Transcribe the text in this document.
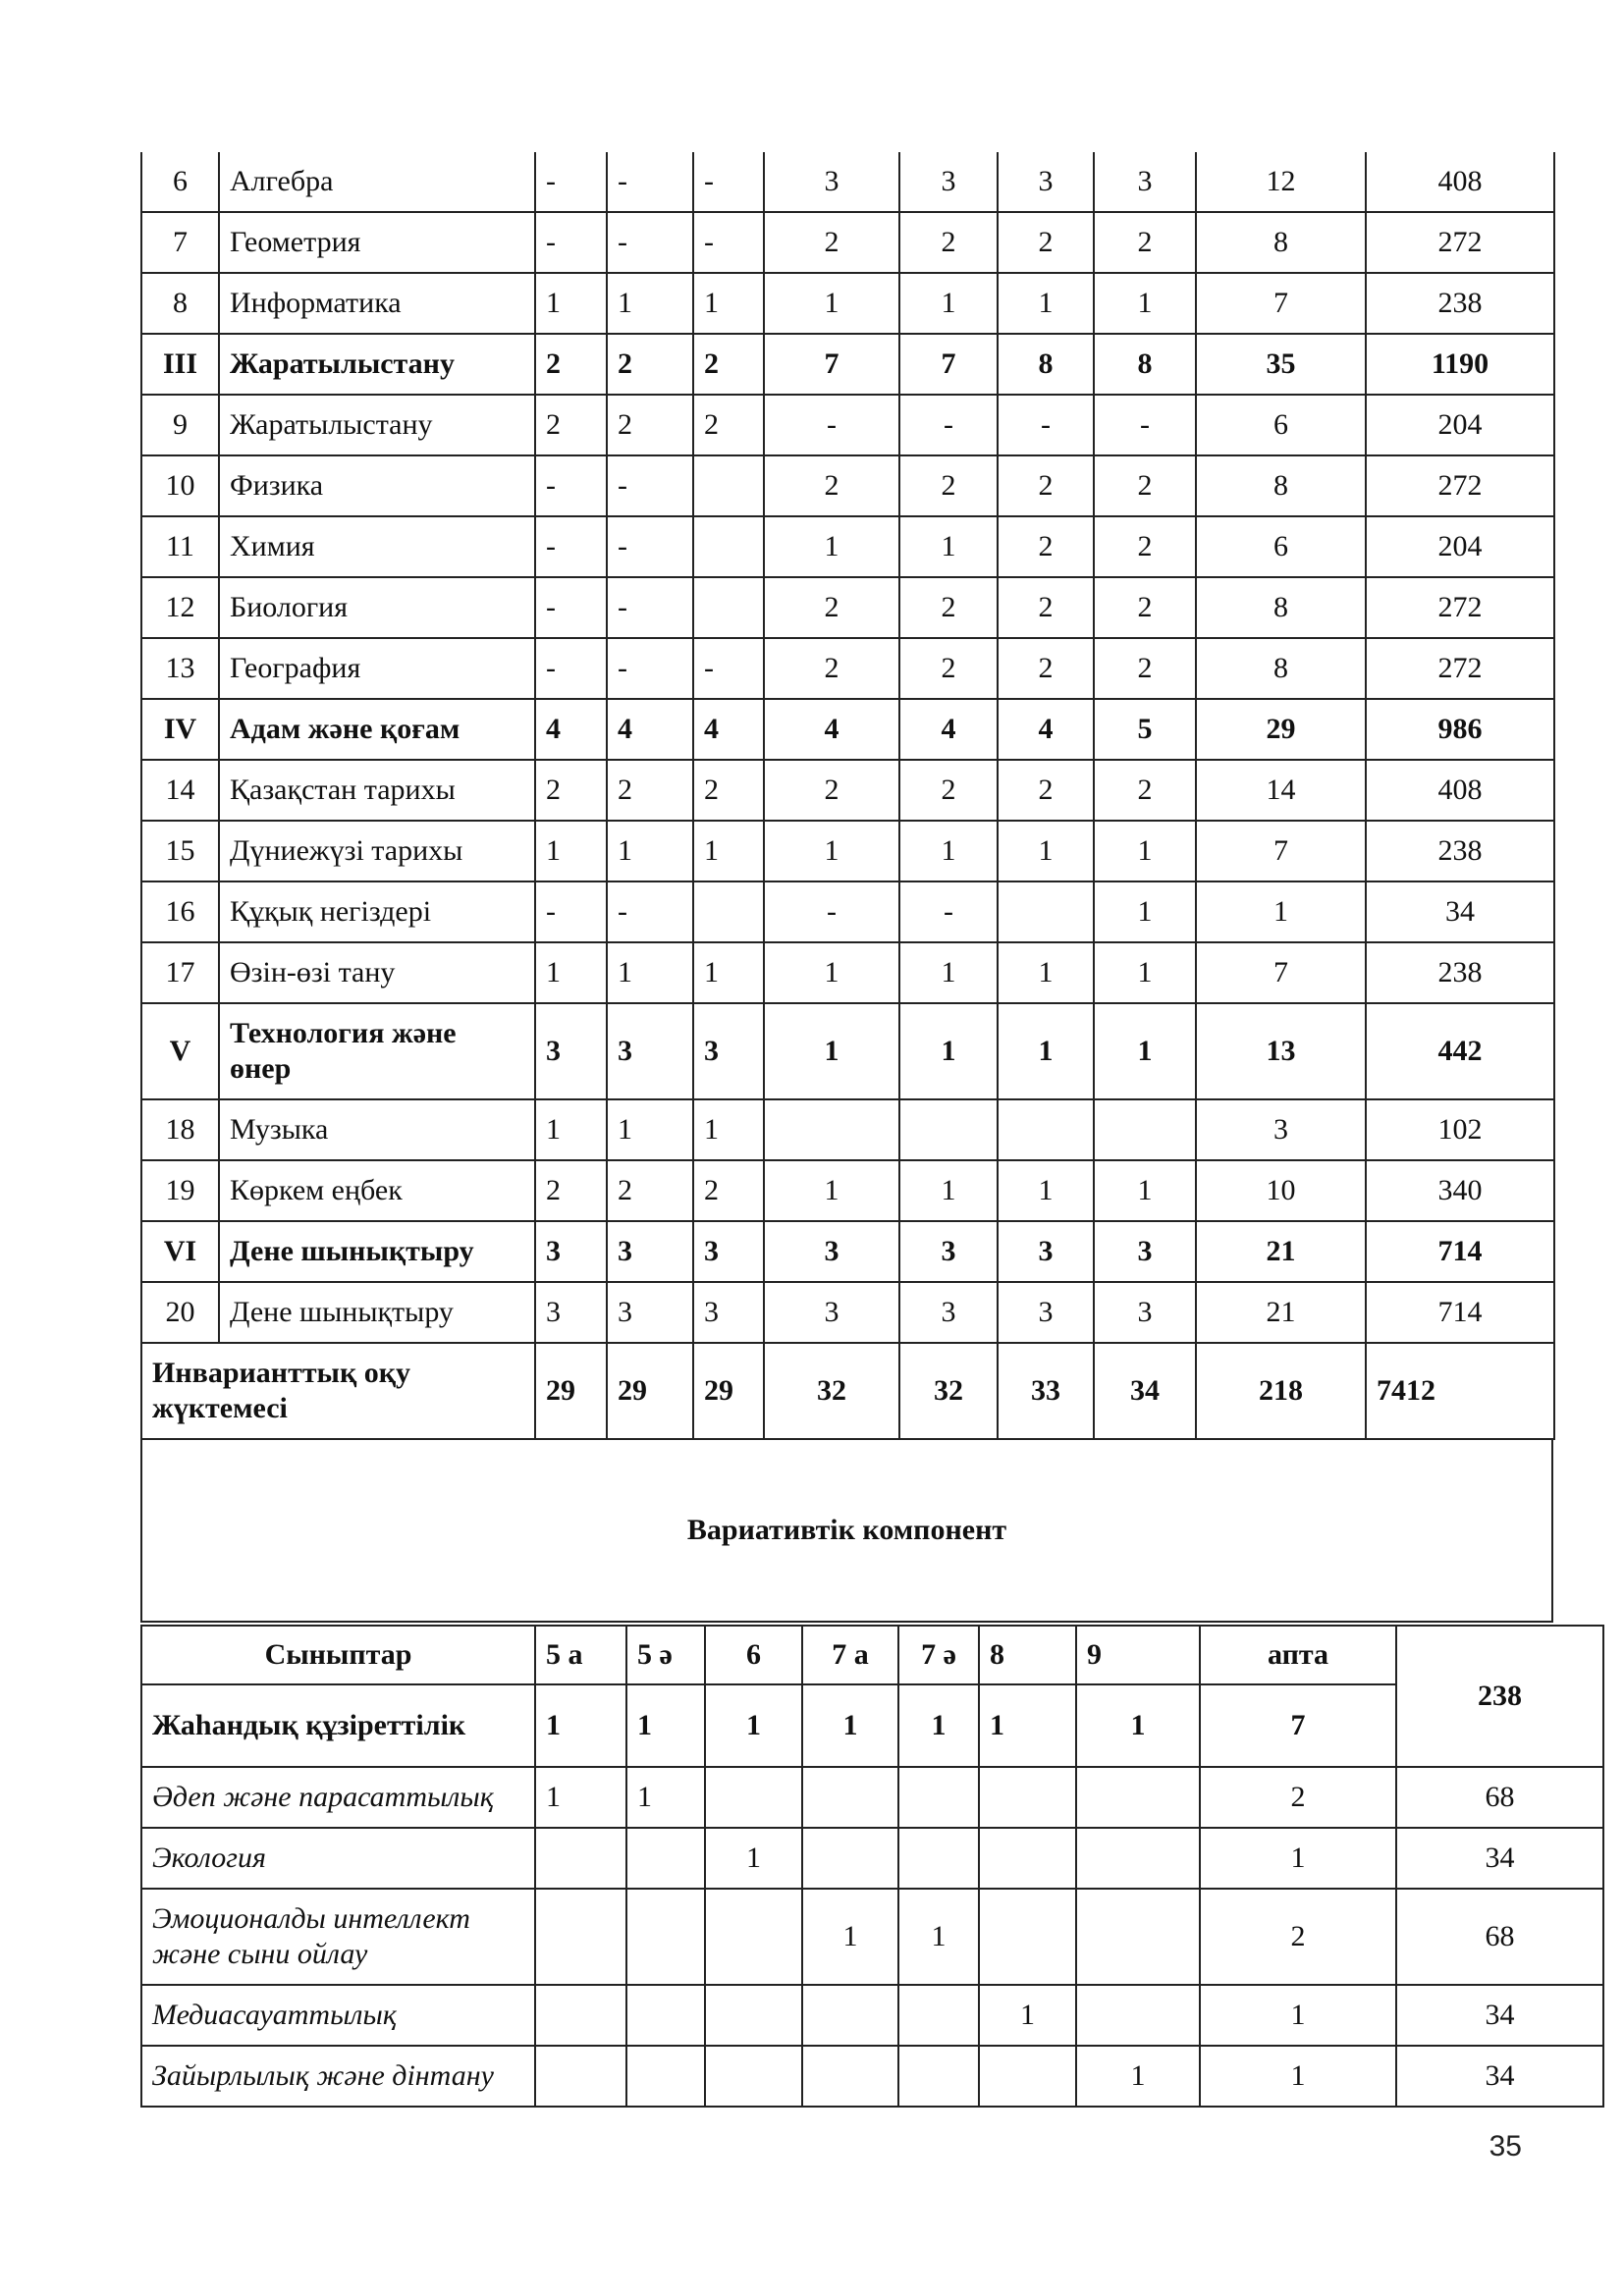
6	Алгебра	-	-	-	3	3	3	3	12	408
7	Геометрия	-	-	-	2	2	2	2	8	272
8	Информатика	1	1	1	1	1	1	1	7	238
III	Жаратылыстану	2	2	2	7	7	8	8	35	1190
9	Жаратылыстану	2	2	2	-	-	-	-	6	204
10	Физика	-	-		2	2	2	2	8	272
11	Химия	-	-		1	1	2	2	6	204
12	Биология	-	-		2	2	2	2	8	272
13	География	-	-	-	2	2	2	2	8	272
IV	Адам және қоғам	4	4	4	4	4	4	5	29	986
14	Қазақстан тарихы	2	2	2	2	2	2	2	14	408
15	Дүниежүзі тарихы	1	1	1	1	1	1	1	7	238
16	Құқық негіздері	-	-		-	-		1	1	34
17	Өзін-өзі тану	1	1	1	1	1	1	1	7	238
V	Технология және өнер	3	3	3	1	1	1	1	13	442
18	Музыка	1	1	1					3	102
19	Көркем еңбек	2	2	2	1	1	1	1	10	340
VI	Дене шынықтыру	3	3	3	3	3	3	3	21	714
20	Дене шынықтыру	3	3	3	3	3	3	3	21	714
Инварианттық оқу жүктемесі		29	29	29	32	32	33	34	218	7412
Вариативтік компонент
Сыныптар	5 а	5 ә	6	7 а	7 ә	8	9	апта	238
Жаһандық құзіреттілік	1	1	1	1	1	1	1	7	
Әдеп және парасаттылық	1	1						2	68
Экология			1					1	34
Эмоционалды интеллект және сыни ойлау				1	1			2	68
Медиасауаттылық						1		1	34
Зайырлылық және дінтану							1	1	34
35
